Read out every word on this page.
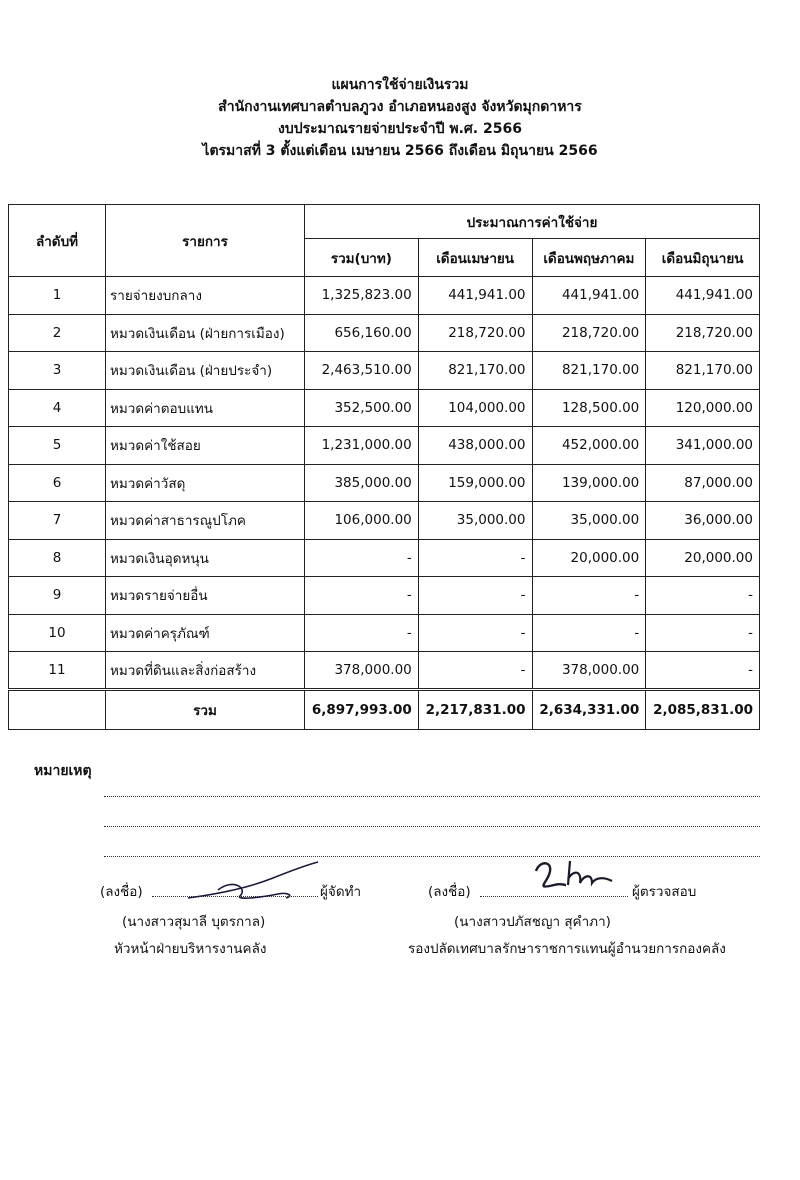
แผนการใช้จ่ายเงินรวม
สำนักงานเทศบาลตำบลภูวง อำเภอหนองสูง จังหวัดมุกดาหาร
งบประมาณรายจ่ายประจำปี พ.ศ. 2566
ไตรมาสที่ 3 ตั้งแต่เดือน เมษายน 2566 ถึงเดือน มิถุนายน 2566
ลำดับที่	รายการ	ประมาณการค่าใช้จ่าย			
		รวม(บาท)	เดือนเมษายน	เดือนพฤษภาคม	เดือนมิถุนายน
1	รายจ่ายงบกลาง	1,325,823.00	441,941.00	441,941.00	441,941.00
2	หมวดเงินเดือน (ฝ่ายการเมือง)	656,160.00	218,720.00	218,720.00	218,720.00
3	หมวดเงินเดือน (ฝ่ายประจำ)	2,463,510.00	821,170.00	821,170.00	821,170.00
4	หมวดค่าตอบแทน	352,500.00	104,000.00	128,500.00	120,000.00
5	หมวดค่าใช้สอย	1,231,000.00	438,000.00	452,000.00	341,000.00
6	หมวดค่าวัสดุ	385,000.00	159,000.00	139,000.00	87,000.00
7	หมวดค่าสาธารณูปโภค	106,000.00	35,000.00	35,000.00	36,000.00
8	หมวดเงินอุดหนุน	-	-	20,000.00	20,000.00
9	หมวดรายจ่ายอื่น	-	-	-	-
10	หมวดค่าครุภัณฑ์	-	-	-	-
11	หมวดที่ดินและสิ่งก่อสร้าง	378,000.00	-	378,000.00	-
	รวม	6,897,993.00	2,217,831.00	2,634,331.00	2,085,831.00
หมายเหตุ
(ลงชื่อ)	ผู้จัดทำ
(นางสาวสุมาลี บุตรกาล)
หัวหน้าฝ่ายบริหารงานคลัง
(ลงชื่อ)	ผู้ตรวจสอบ
(นางสาวปภัสชญา สุคำภา)
รองปลัดเทศบาลรักษาราชการแทนผู้อำนวยการกองคลัง
